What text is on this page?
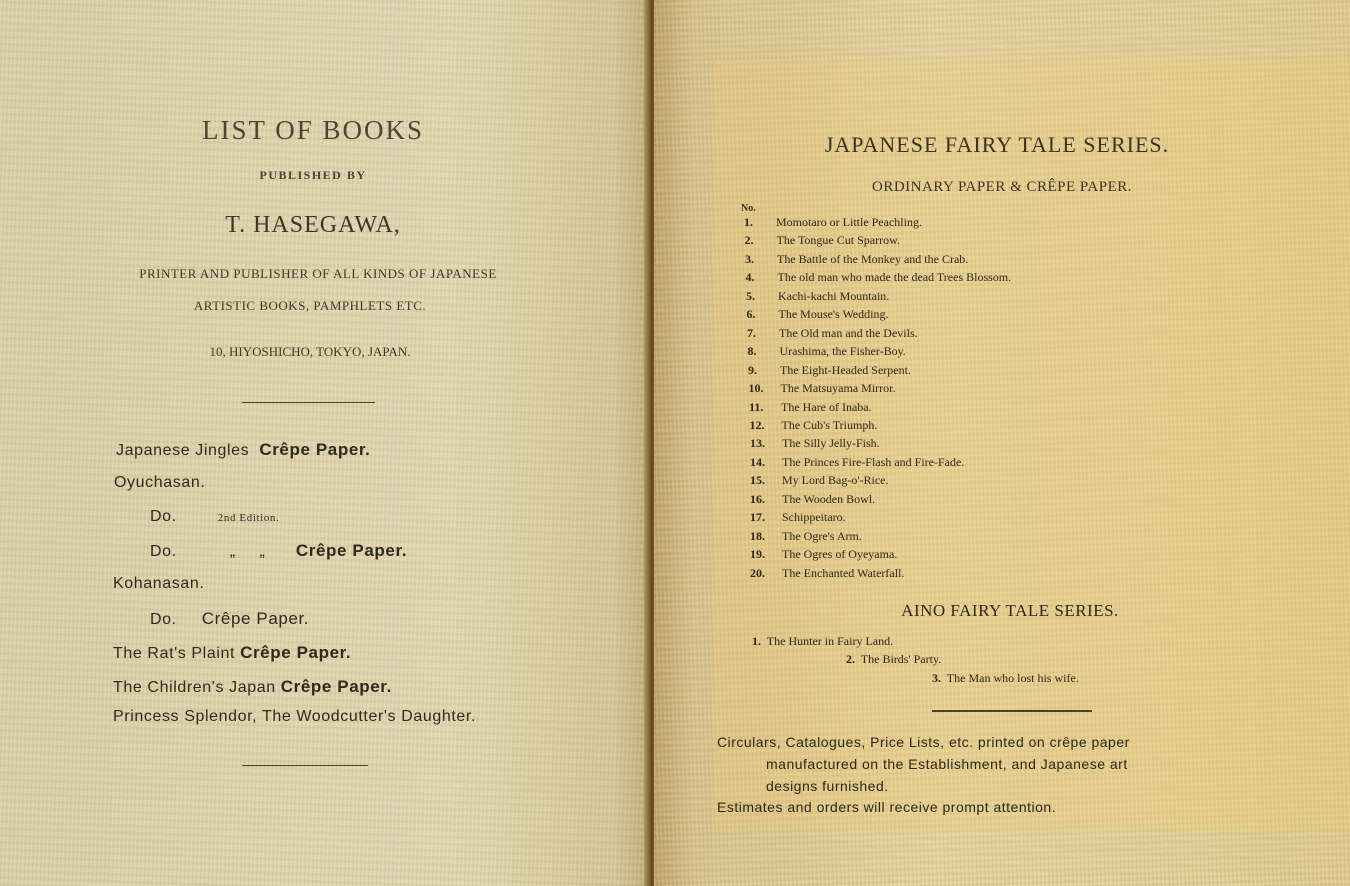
LIST OF BOOKS
PUBLISHED BY
T. HASEGAWA,
PRINTER AND PUBLISHER OF ALL KINDS OF JAPANESE
ARTISTIC BOOKS, PAMPHLETS ETC.
10, HIYOSHICHO, TOKYO, JAPAN.
Japanese Jingles Crêpe Paper.
Oyuchasan.
Do.	2nd Edition.
Do.	„ „ Crêpe Paper.
Kohanasan.
Do. Crêpe Paper.
The Rat's Plaint Crêpe Paper.
The Children's Japan Crêpe Paper.
Princess Splendor, The Woodcutter's Daughter.
JAPANESE FAIRY TALE SERIES.
ORDINARY PAPER & CRÊPE PAPER.
No.
1. Momotaro or Little Peachling.
2. The Tongue Cut Sparrow.
3. The Battle of the Monkey and the Crab.
4. The old man who made the dead Trees Blossom.
5. Kachi-kachi Mountain.
6. The Mouse's Wedding.
7. The Old man and the Devils.
8. Urashima, the Fisher-Boy.
9. The Eight-Headed Serpent.
10. The Matsuyama Mirror.
11. The Hare of Inaba.
12. The Cub's Triumph.
13. The Silly Jelly-Fish.
14. The Princes Fire-Flash and Fire-Fade.
15. My Lord Bag-o'-Rice.
16. The Wooden Bowl.
17. Schippeitaro.
18. The Ogre's Arm.
19. The Ogres of Oyeyama.
20. The Enchanted Waterfall.
AINO FAIRY TALE SERIES.
1. The Hunter in Fairy Land.
2. The Birds' Party.
3. The Man who lost his wife.
Circulars, Catalogues, Price Lists, etc. printed on crêpe paper
manufactured on the Establishment, and Japanese art
designs furnished.
Estimates and orders will receive prompt attention.
